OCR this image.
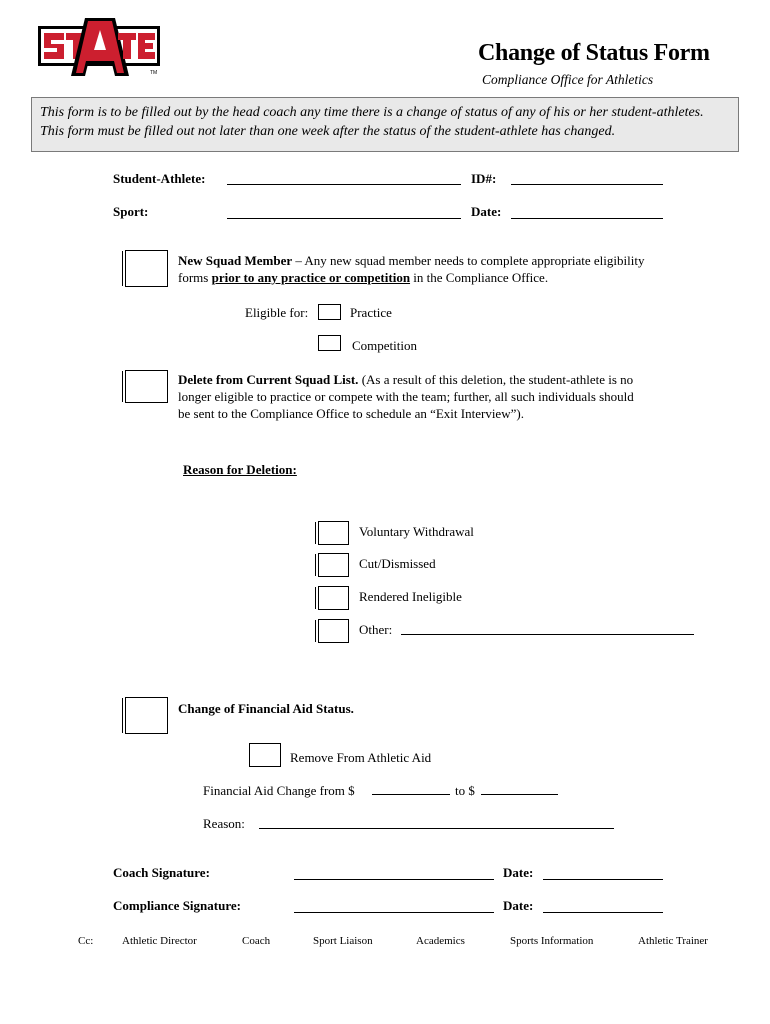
TM
Change of Status Form
Compliance Office for Athletics
This form is to be filled out by the head coach any time there is a change of status of any of his or her student-athletes. This form must be filled out not later than one week after the status of the student-athlete has changed.
Student-Athlete:	ID#:
Sport:	Date:
New Squad Member – Any new squad member needs to complete appropriate eligibility forms prior to any practice or competition in the Compliance Office.
Eligible for:	Practice
Competition
Delete from Current Squad List. (As a result of this deletion, the student-athlete is no longer eligible to practice or compete with the team; further, all such individuals should be sent to the Compliance Office to schedule an “Exit Interview”).
Reason for Deletion:
Voluntary Withdrawal
Cut/Dismissed
Rendered Ineligible
Other:
Change of Financial Aid Status.
Remove From Athletic Aid
Financial Aid Change from $	to $
Reason:
Coach Signature:	Date:
Compliance Signature:	Date:
Cc:	Athletic Director	Coach	Sport Liaison	Academics	Sports Information	Athletic Trainer
